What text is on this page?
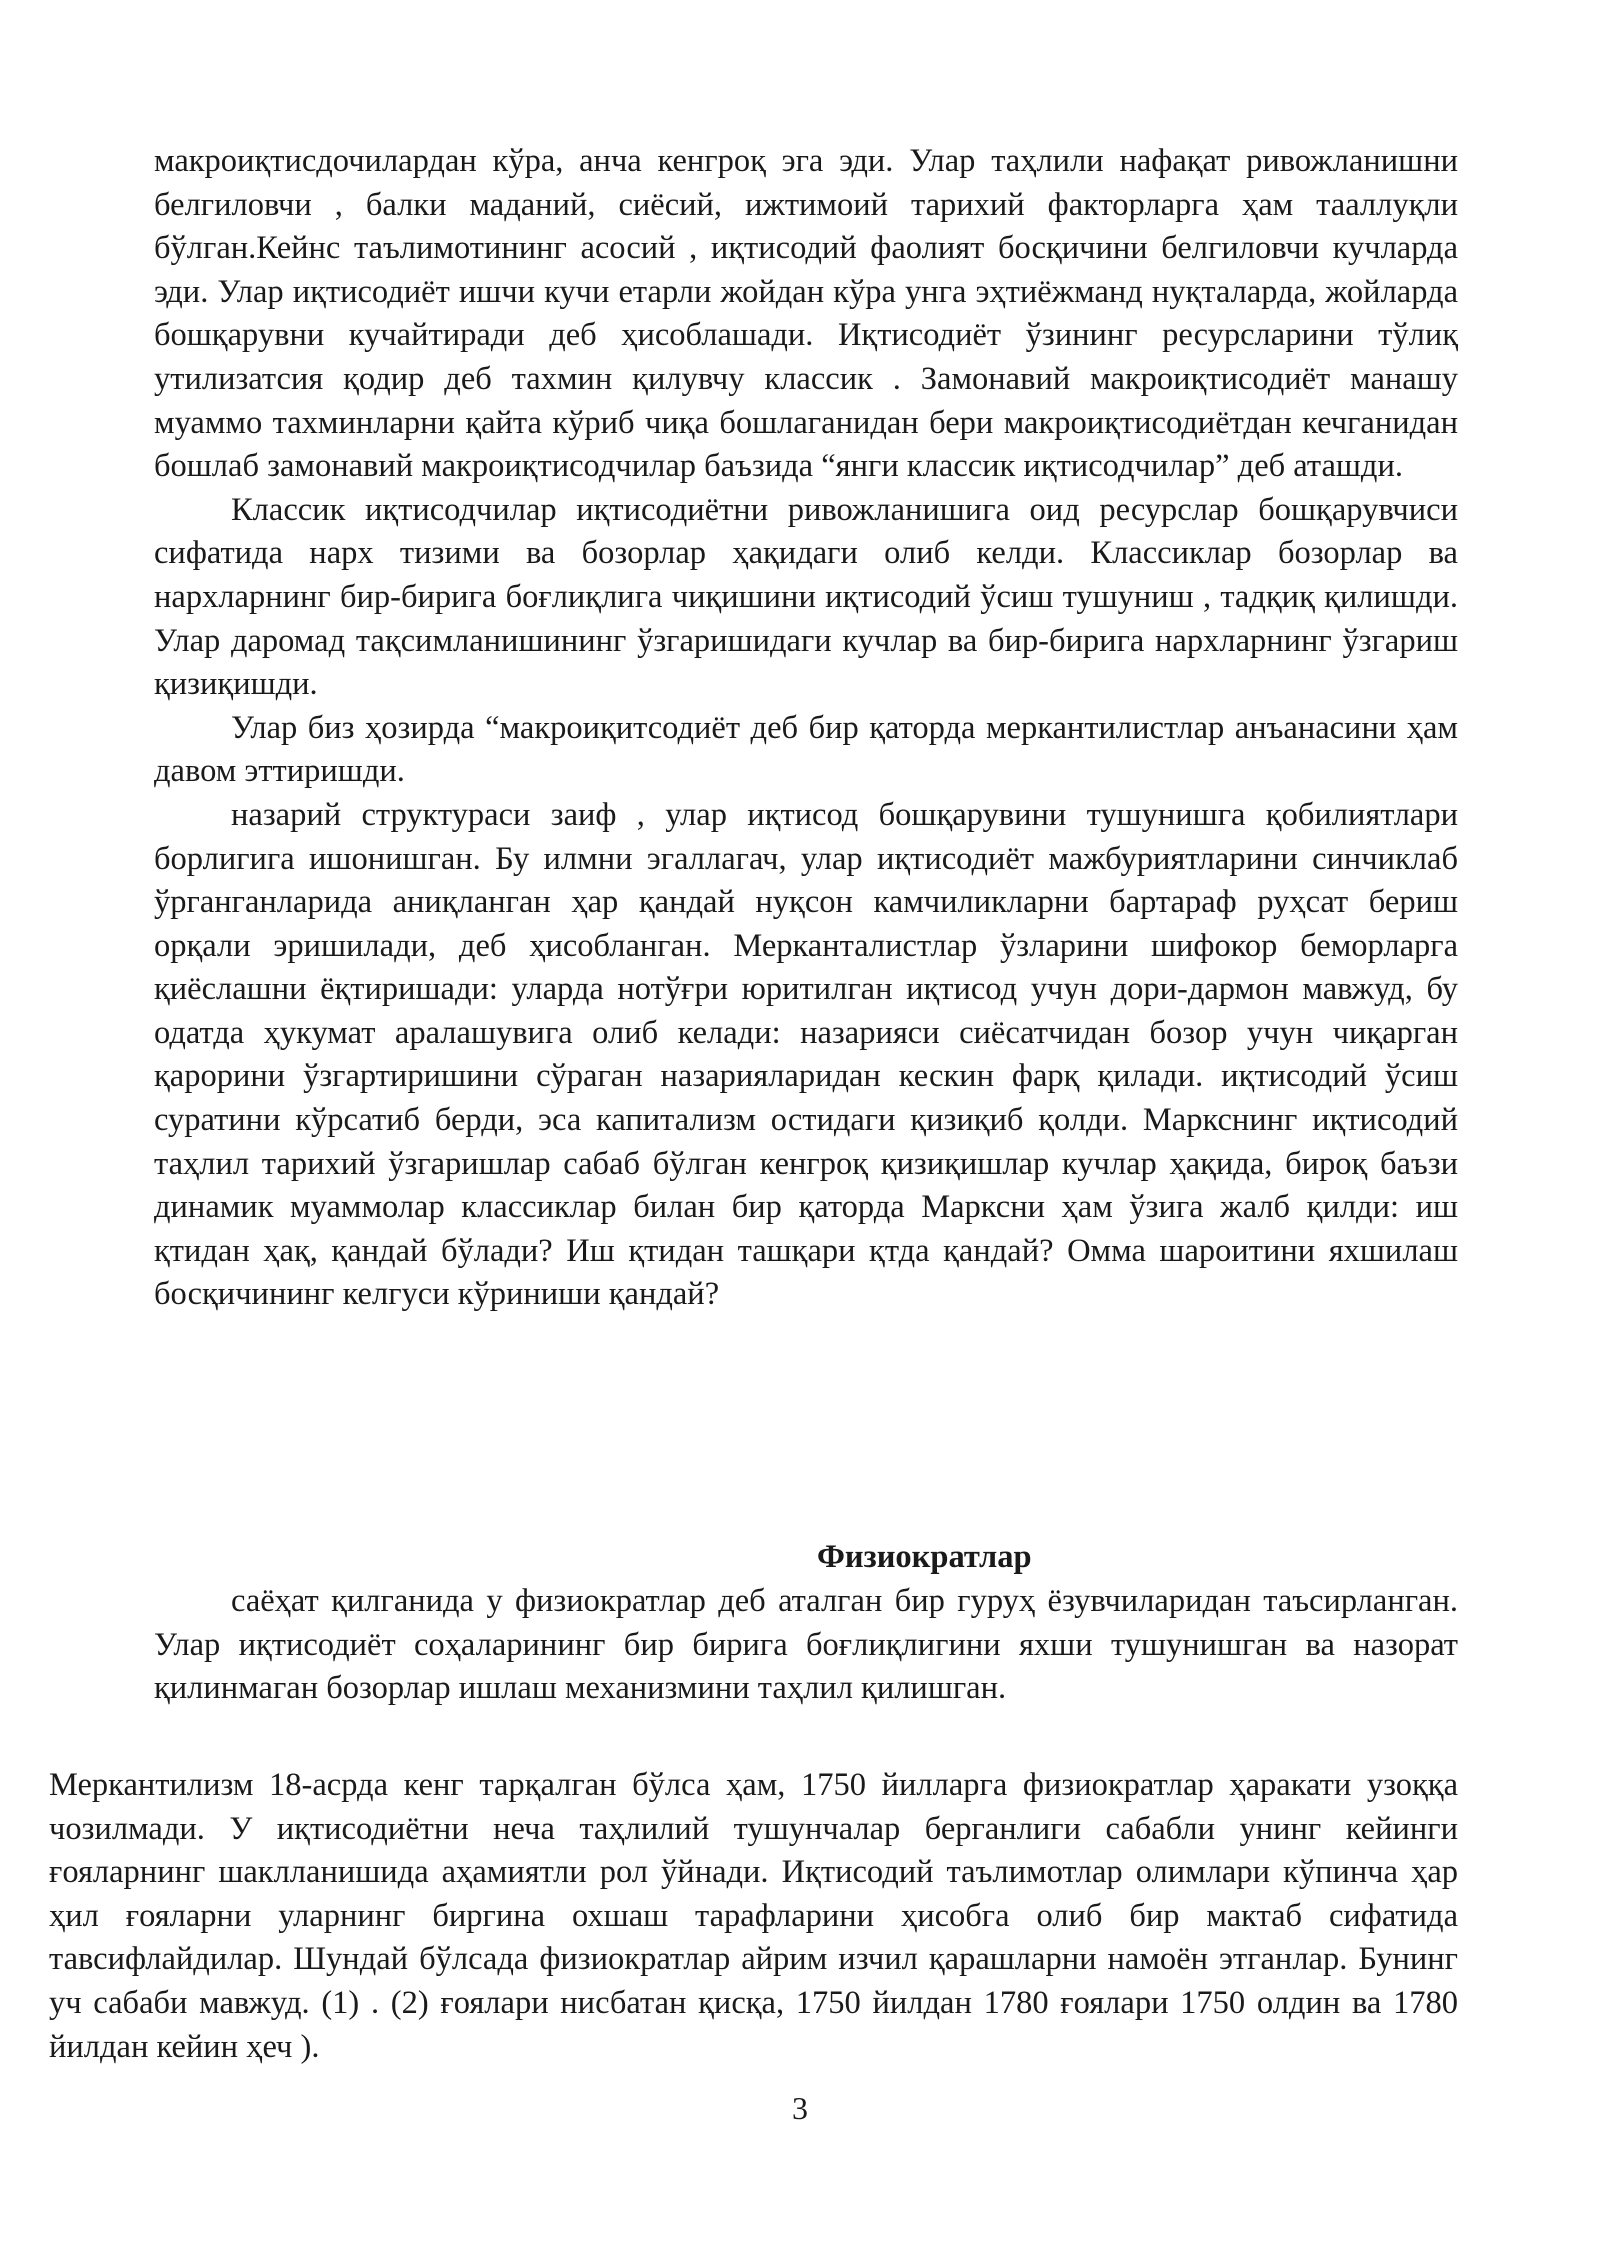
макроиқтисдочилардан кўра, анча кенгроқ эга эди. Улар таҳлили нафақат ривожланишни белгиловчи , балки маданий, сиёсий, ижтимоий тарихий факторларга ҳам тааллуқли бўлган.Кейнс таълимотининг асосий , иқтисодий фаолият босқичини белгиловчи кучларда эди. Улар иқтисодиёт ишчи кучи етарли жойдан кўра унга эҳтиёжманд нуқталарда, жойларда бошқарувни кучайтиради деб ҳисоблашади. Иқтисодиёт ўзининг ресурсларини тўлиқ утилизатсия қодир деб тахмин қилувчу классик . Замонавий макроиқтисодиёт манашу муаммо тахминларни қайта кўриб чиқа бошлаганидан бери макроиқтисодиётдан кечганидан бошлаб замонавий макроиқтисодчилар баъзида “янги классик иқтисодчилар” деб аташди.

Классик иқтисодчилар иқтисодиётни ривожланишига оид ресурслар бошқарувчиси сифатида нарх тизими ва бозорлар ҳақидаги олиб келди. Классиклар бозорлар ва нархларнинг бир-бирига боғлиқлига чиқишини иқтисодий ўсиш тушуниш , тадқиқ қилишди. Улар даромад тақсимланишининг ўзгаришидаги кучлар ва бир-бирига нархларнинг ўзгариш қизиқишди.

Улар биз ҳозирда “макроиқитсодиёт деб бир қаторда меркантилистлар анъанасини ҳам давом эттиришди.

назарий структураси заиф , улар иқтисод бошқарувини тушунишга қобилиятлари борлигига ишонишган. Бу илмни эгаллагач, улар иқтисодиёт мажбуриятларини синчиклаб ўрганганларида аниқланган ҳар қандай нуқсон камчиликларни бартараф руҳсат бериш орқали эришилади, деб ҳисобланган. Мерканталистлар ўзларини шифокор беморларга қиёслашни ёқтиришади: уларда нотўғри юритилган иқтисод учун дори-дармон мавжуд, бу одатда ҳукумат аралашувига олиб келади: назарияси сиёсатчидан бозор учун чиқарган қарорини ўзгартиришини сўраган назарияларидан кескин фарқ қилади. иқтисодий ўсиш суратини кўрсатиб берди, эса капитализм остидаги қизиқиб қолди. Маркснинг иқтисодий таҳлил тарихий ўзгаришлар сабаб бўлган кенгроқ қизиқишлар кучлар ҳақида, бироқ баъзи динамик муаммолар классиклар билан бир қаторда Марксни ҳам ўзига жалб қилди: иш қтидан ҳақ, қандай бўлади? Иш қтидан ташқари қтда қандай? Омма шароитини яхшилаш босқичининг келгуси кўриниши қандай?

Физиократлар

саёҳат қилганида у физиократлар деб аталган бир гуруҳ ёзувчиларидан таъсирланган. Улар иқтисодиёт соҳаларининг бир бирига боғлиқлигини яхши тушунишган ва назорат қилинмаган бозорлар ишлаш механизмини таҳлил қилишган.

Меркантилизм 18-асрда кенг тарқалган бўлса ҳам, 1750 йилларга физиократлар ҳаракати узоққа чозилмади. У иқтисодиётни неча таҳлилий тушунчалар берганлиги сабабли унинг кейинги ғояларнинг шаклланишида аҳамиятли рол ўйнади. Иқтисодий таълимотлар олимлари кўпинча ҳар ҳил ғояларни уларнинг биргина охшаш тарафларини ҳисобга олиб бир мактаб сифатида тавсифлайдилар. Шундай бўлсада физиократлар айрим изчил қарашларни намоён этганлар. Бунинг уч сабаби мавжуд. (1) . (2) ғоялари нисбатан қисқа, 1750 йилдан 1780 ғоялари 1750 олдин ва 1780 йилдан кейин ҳеч ).

3
